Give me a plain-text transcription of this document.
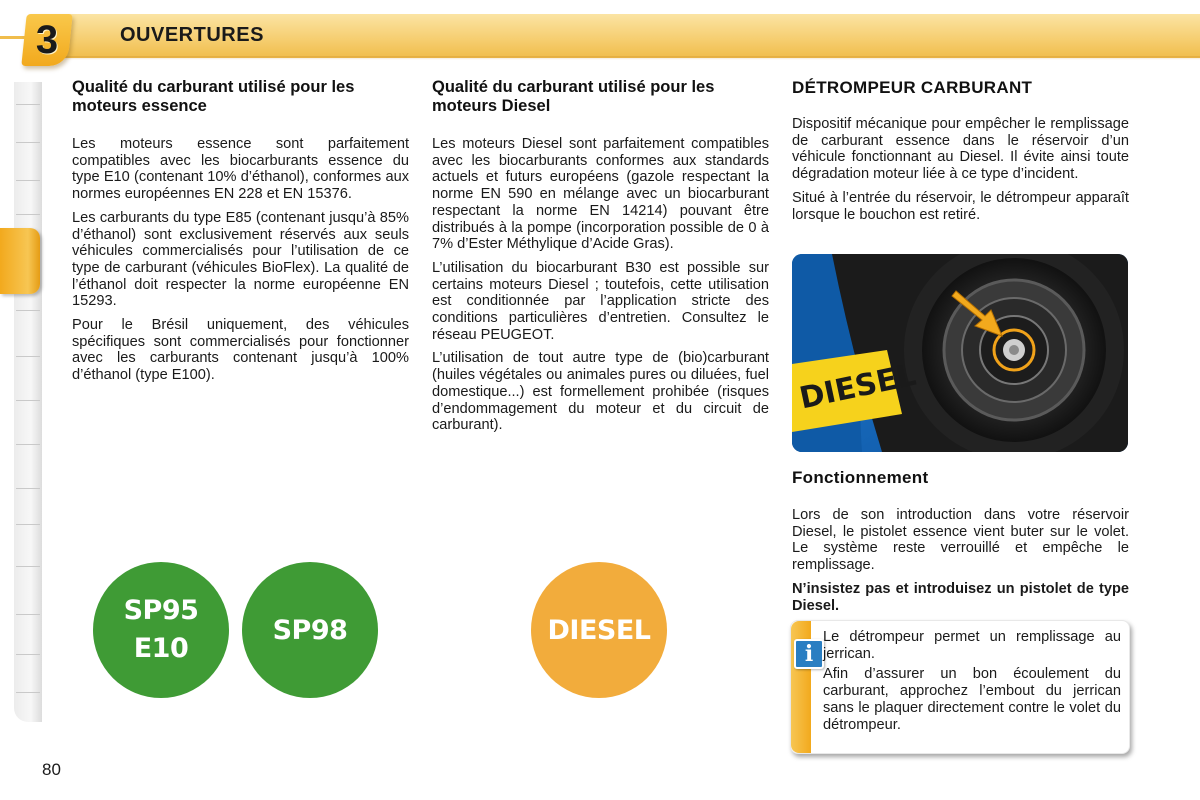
3	OUVERTURES
Qualité du carburant utilisé pour les moteurs essence

Les moteurs essence sont parfaitement compatibles avec les biocarburants essence du type E10 (contenant 10% d’éthanol), conformes aux normes européennes EN 228 et EN 15376.

Les carburants du type E85 (contenant jusqu’à 85% d’éthanol) sont exclusivement réservés aux seuls véhicules commercialisés pour l’utilisation de ce type de carburant (véhicules BioFlex). La qualité de l’éthanol doit respecter la norme européenne EN 15293.

Pour le Brésil uniquement, des véhicules spécifiques sont commercialisés pour fonctionner avec les carburants contenant jusqu’à 100% d’éthanol (type E100).

Qualité du carburant utilisé pour les moteurs Diesel

Les moteurs Diesel sont parfaitement compatibles avec les biocarburants conformes aux standards actuels et futurs européens (gazole respectant la norme EN 590 en mélange avec un biocarburant respectant la norme EN 14214) pouvant être distribués à la pompe (incorporation possible de 0 à 7% d’Ester Méthylique d’Acide Gras).

L’utilisation du biocarburant B30 est possible sur certains moteurs Diesel ; toutefois, cette utilisation est conditionnée par l’application stricte des conditions particulières d’entretien. Consultez le réseau PEUGEOT.

L’utilisation de tout autre type de (bio)carburant (huiles végétales ou animales pures ou diluées, fuel domestique...) est formellement prohibée (risques d’endommagement du moteur et du circuit de carburant).

DÉTROMPEUR CARBURANT

Dispositif mécanique pour empêcher le remplissage de carburant essence dans le réservoir d’un véhicule fonctionnant au Diesel. Il évite ainsi toute dégradation moteur liée à ce type d’incident.

Situé à l’entrée du réservoir, le détrompeur apparaît lorsque le bouchon est retiré.

DIESEL
Fonctionnement

Lors de son introduction dans votre réservoir Diesel, le pistolet essence vient buter sur le volet. Le système reste verrouillé et empêche le remplissage.

N’insistez pas et introduisez un pistolet de type Diesel.

i

Le détrompeur permet un remplissage au jerrican.

Afin d’assurer un bon écoulement du carburant, approchez l’embout du jerrican sans le plaquer directement contre le volet du détrompeur.

SP95
E10
SP98	DIESEL
80
